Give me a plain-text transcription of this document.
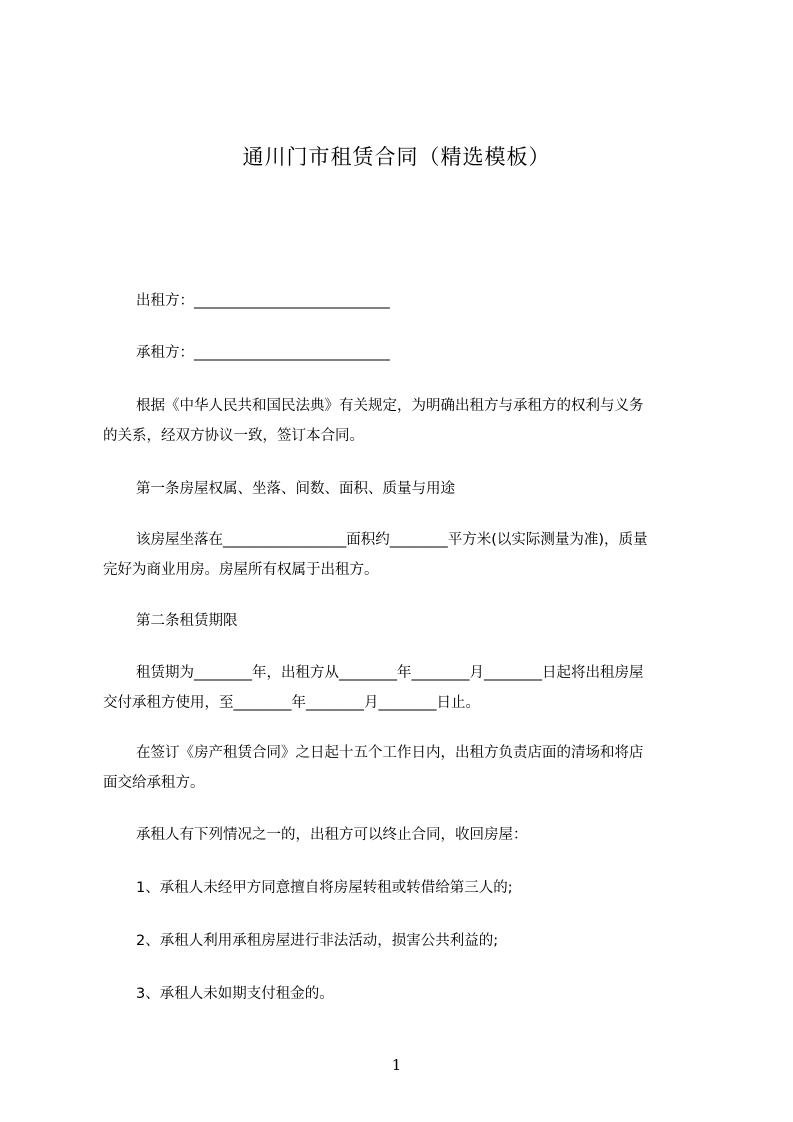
通川门市租赁合同（精选模板）
出租方：___________________________
承租方：___________________________
根据《中华人民共和国民法典》有关规定，为明确出租方与承租方的权利与义务
的关系，经双方协议一致，签订本合同。
第一条房屋权属、坐落、间数、面积、质量与用途
该房屋坐落在_________________面积约________平方米(以实际测量为准)，质量
完好为商业用房。房屋所有权属于出租方。
第二条租赁期限
租赁期为________年，出租方从________年________月________日起将出租房屋
交付承租方使用，至________年________月________日止。
在签订《房产租赁合同》之日起十五个工作日内，出租方负责店面的清场和将店
面交给承租方。
承租人有下列情况之一的，出租方可以终止合同，收回房屋：
1、承租人未经甲方同意擅自将房屋转租或转借给第三人的;
2、承租人利用承租房屋进行非法活动，损害公共利益的;
3、承租人未如期支付租金的。
1
